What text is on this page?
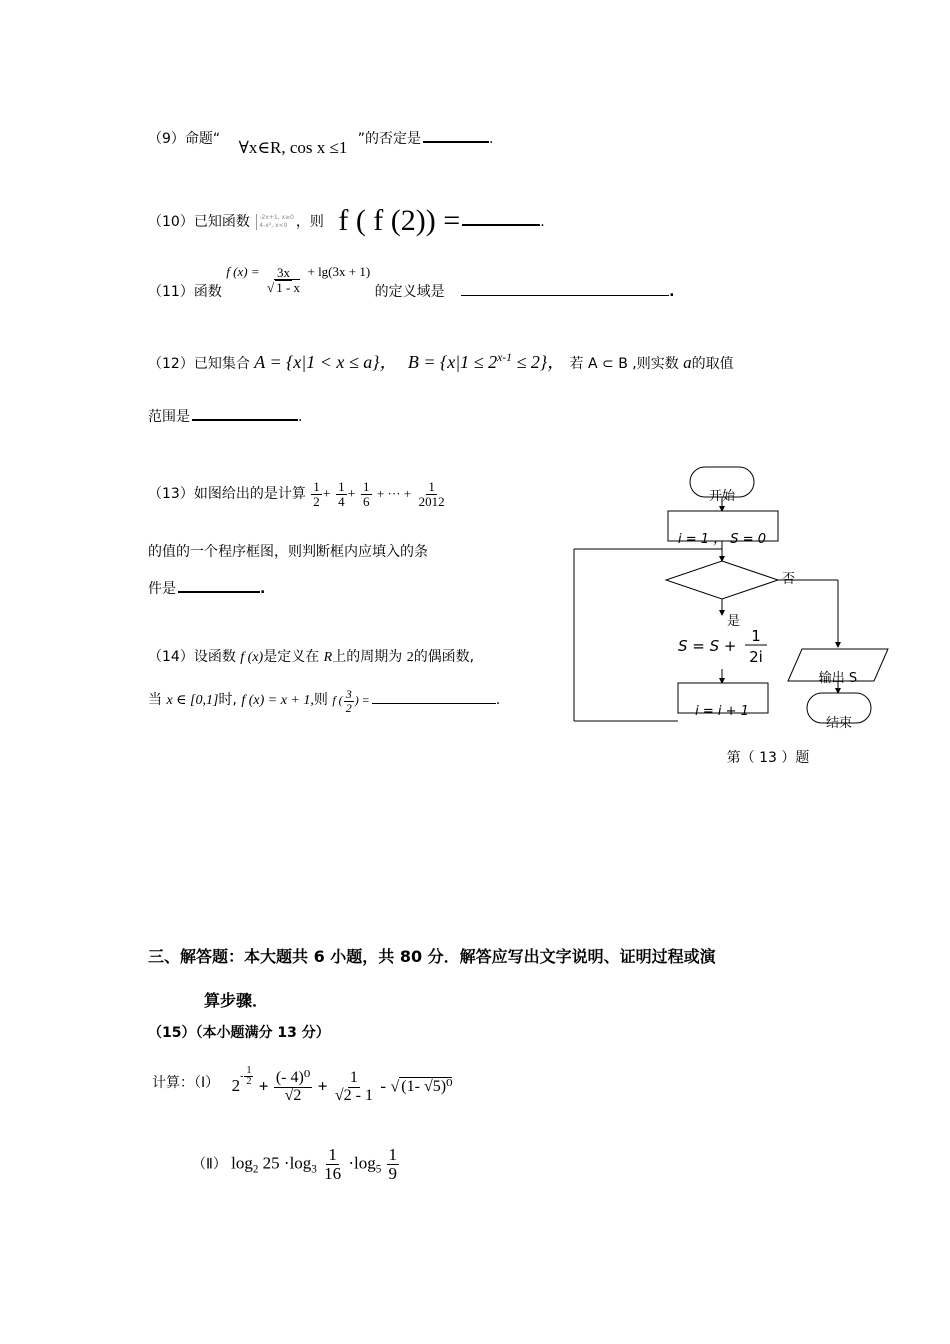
（9）命题“ ∀x∈R, cos x ≤1 ”的否定是	.
（10）已知函数 -2x+1, x≥0
4-x², x<0 ，则 f ( f (2)) =	.
（11）函数 f $(x) = \frac{3x}{√ 1 - x} + \lg(3x + 1)$ 的定义域是	.
（12）已知集合 A = {x|1 < x ≤ a}， $B = \{x|1 \le 2^{x-1} \le 2\}$， 若 A ⊂ B ,则实数 a的取值
范围是	.
（13）如图给出的是计算 $\frac{1}{2} + \frac{1}{4} + \frac{1}{6}$ + ··· + $\frac{1}{2012}$
的值的一个程序框图，则判断框内应填入的条
件是	.
（14）设函数 f (x)是定义在 R上的周期为 2的偶函数,
当 x ∈ [0,1]时, f (x) = x + 1,则 f ( $\frac{3}{2}$ ) =	.
开始
i = 1 ， S = 0
否
是
S = S +
1
2i
i = i + 1
输出 S
结束
第（ 13 ）题
三、解答题：本大题共 6 小题，共 80 分．解答应写出文字说明、证明过程或演
算步骤．
（15）（本小题满分 13 分）
计算：（Ⅰ） $2 - \frac{1}{2} + \frac{\text{(- 4)⁰}}{√2} + \frac{1}{√2 - 1}$ - √ (1- √5)⁰
（Ⅱ） $\log_2 25 \cdot\log_3 \frac{1}{16} \cdot\log_5 \frac{1}{9}$
